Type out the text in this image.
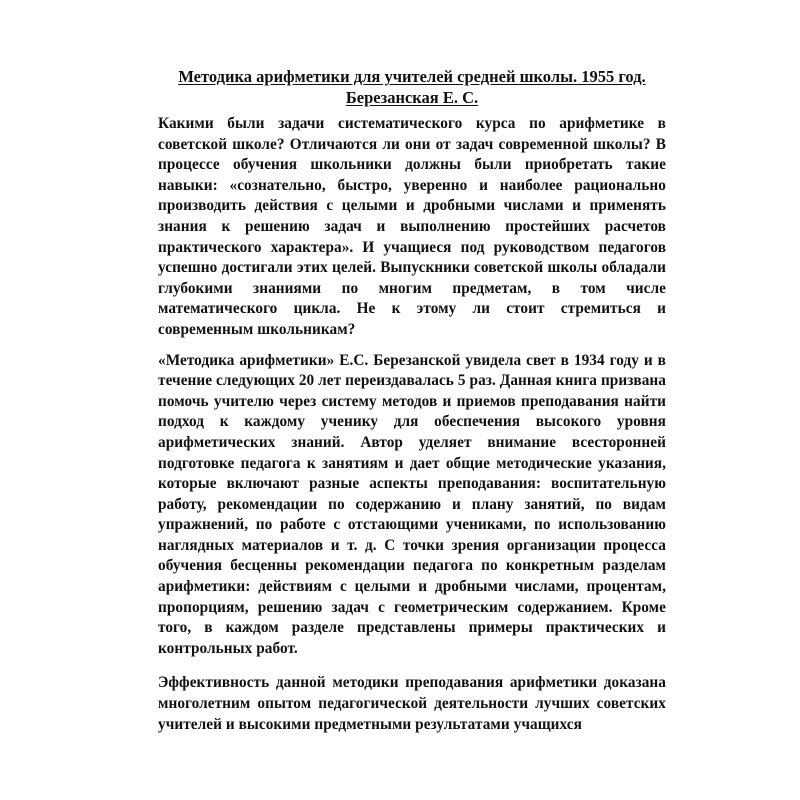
Методика арифметики для учителей средней школы. 1955 год.

Березанская Е. С.

Какими были задачи систематического курса по арифметике в советской школе? Отличаются ли они от задач современной школы? В процессе обучения школьники должны были приобретать такие навыки: «сознательно, быстро, уверенно и наиболее рационально производить действия с целыми и дробными числами и применять знания к решению задач и выполнению простейших расчетов практического характера». И учащиеся под руководством педагогов успешно достигали этих целей. Выпускники советской школы обладали глубокими знаниями по многим предметам, в том числе математического цикла. Не к этому ли стоит стремиться и современным школьникам?

«Методика арифметики» Е.С. Березанской увидела свет в 1934 году и в течение следующих 20 лет переиздавалась 5 раз. Данная книга призвана помочь учителю через систему методов и приемов преподавания найти подход к каждому ученику для обеспечения высокого уровня арифметических знаний. Автор уделяет внимание всесторонней подготовке педагога к занятиям и дает общие методические указания, которые включают разные аспекты преподавания: воспитательную работу, рекомендации по содержанию и плану занятий, по видам упражнений, по работе с отстающими учениками, по использованию наглядных материалов и т. д. С точки зрения организации процесса обучения бесценны рекомендации педагога по конкретным разделам арифметики: действиям с целыми и дробными числами, процентам, пропорциям, решению задач с геометрическим содержанием. Кроме того, в каждом разделе представлены примеры практических и контрольных работ.

Эффективность данной методики преподавания арифметики доказана многолетним опытом педагогической деятельности лучших советских учителей и высокими предметными результатами учащихся
